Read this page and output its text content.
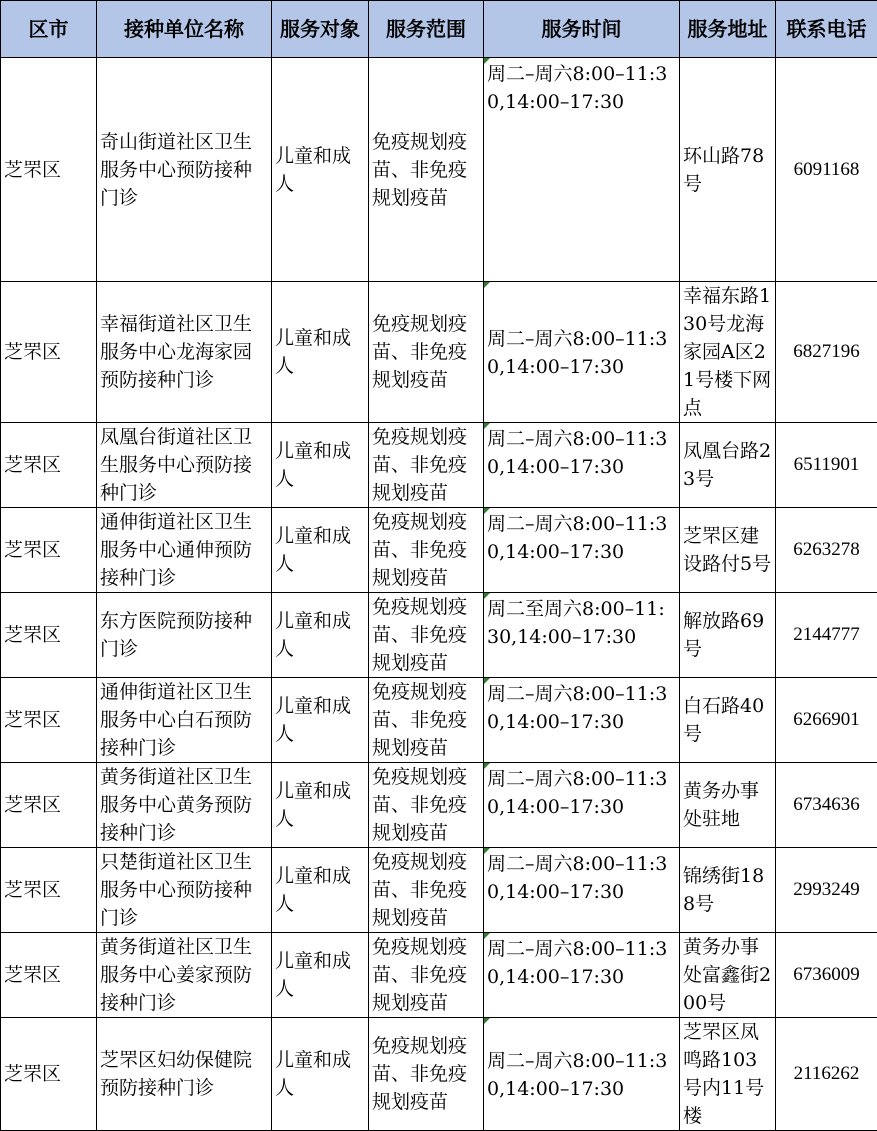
区市	接种单位名称	服务对象	服务范围	服务时间	服务地址	联系电话
芝罘区	奇山街道社区卫生服务中心预防接种门诊	儿童和成人	免疫规划疫苗、非免疫规划疫苗	周二–周六8:00–11:30,14:00–17:30	环山路78号	6091168
芝罘区	幸福街道社区卫生服务中心龙海家园预防接种门诊	儿童和成人	免疫规划疫苗、非免疫规划疫苗	周二–周六8:00–11:30,14:00–17:30	幸福东路130号龙海家园A区21号楼下网点	6827196
芝罘区	凤凰台街道社区卫生服务中心预防接种门诊	儿童和成人	免疫规划疫苗、非免疫规划疫苗	周二–周六8:00–11:30,14:00–17:30	凤凰台路23号	6511901
芝罘区	通伸街道社区卫生服务中心通伸预防接种门诊	儿童和成人	免疫规划疫苗、非免疫规划疫苗	周二–周六8:00–11:30,14:00–17:30	芝罘区建设路付5号	6263278
芝罘区	东方医院预防接种门诊	儿童和成人	免疫规划疫苗、非免疫规划疫苗	周二至周六8:00–11:30,14:00–17:30	解放路69号	2144777
芝罘区	通伸街道社区卫生服务中心白石预防接种门诊	儿童和成人	免疫规划疫苗、非免疫规划疫苗	周二–周六8:00–11:30,14:00–17:30	白石路40号	6266901
芝罘区	黄务街道社区卫生服务中心黄务预防接种门诊	儿童和成人	免疫规划疫苗、非免疫规划疫苗	周二–周六8:00–11:30,14:00–17:30	黄务办事处驻地	6734636
芝罘区	只楚街道社区卫生服务中心预防接种门诊	儿童和成人	免疫规划疫苗、非免疫规划疫苗	周二–周六8:00–11:30,14:00–17:30	锦绣街188号	2993249
芝罘区	黄务街道社区卫生服务中心姜家预防接种门诊	儿童和成人	免疫规划疫苗、非免疫规划疫苗	周二–周六8:00–11:30,14:00–17:30	黄务办事处富鑫街200号	6736009
芝罘区	芝罘区妇幼保健院预防接种门诊	儿童和成人	免疫规划疫苗、非免疫规划疫苗	周二–周六8:00–11:30,14:00–17:30	芝罘区凤鸣路103号内11号楼	2116262
